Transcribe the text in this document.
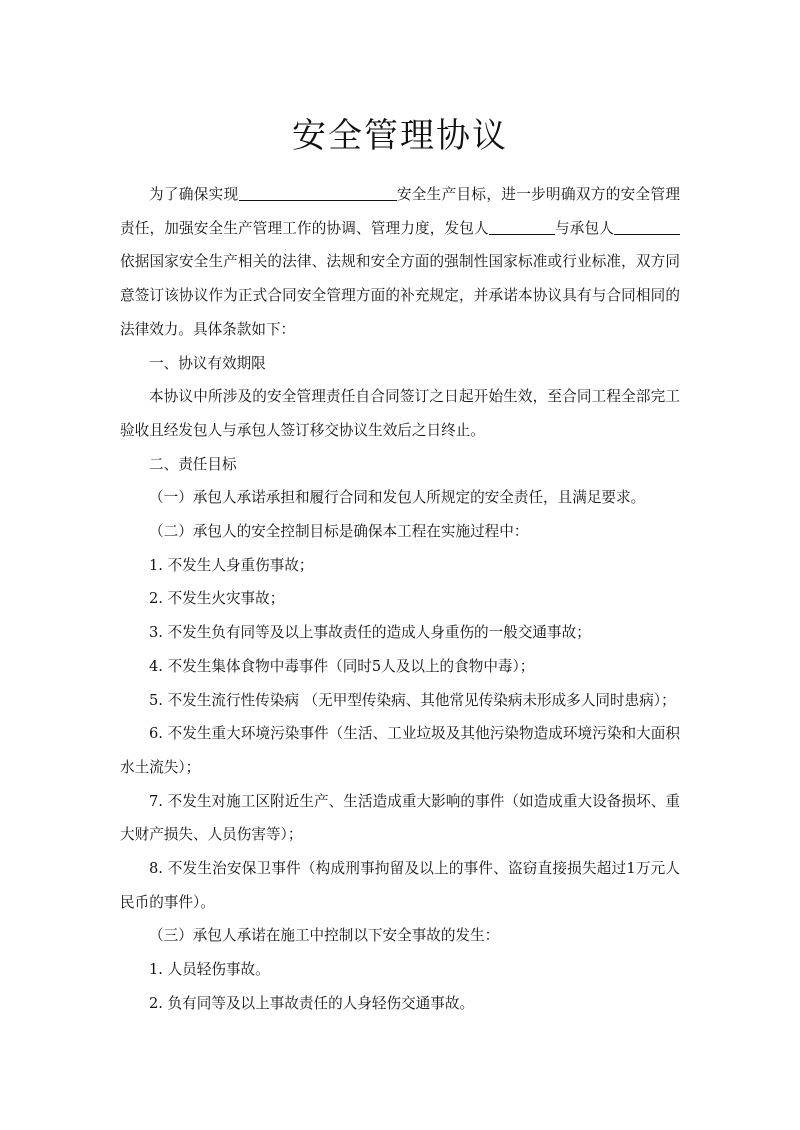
安全管理协议

为了确保实现	安全生产目标，进一步明确双方的安全管理责任，加强安全生产管理工作的协调、管理力度，发包人	与承包人依据国家安全生产相关的法律、法规和安全方面的强制性国家标准或行业标准，双方同意签订该协议作为正式合同安全管理方面的补充规定，并承诺本协议具有与合同相同的法律效力。具体条款如下：

一、协议有效期限

本协议中所涉及的安全管理责任自合同签订之日起开始生效，至合同工程全部完工验收且经发包人与承包人签订移交协议生效后之日终止。

二、责任目标

（一）承包人承诺承担和履行合同和发包人所规定的安全责任，且满足要求。

（二）承包人的安全控制目标是确保本工程在实施过程中：

1. 不发生人身重伤事故；

2. 不发生火灾事故；

3. 不发生负有同等及以上事故责任的造成人身重伤的一般交通事故；

4. 不发生集体食物中毒事件（同时5人及以上的食物中毒）；

5. 不发生流行性传染病 （无甲型传染病、其他常见传染病未形成多人同时患病）；

6. 不发生重大环境污染事件（生活、工业垃圾及其他污染物造成环境污染和大面积水土流失）；

7. 不发生对施工区附近生产、生活造成重大影响的事件（如造成重大设备损坏、重大财产损失、人员伤害等）；

8. 不发生治安保卫事件（构成刑事拘留及以上的事件、盗窃直接损失超过1万元人民币的事件）。

（三）承包人承诺在施工中控制以下安全事故的发生：

1. 人员轻伤事故。

2. 负有同等及以上事故责任的人身轻伤交通事故。
